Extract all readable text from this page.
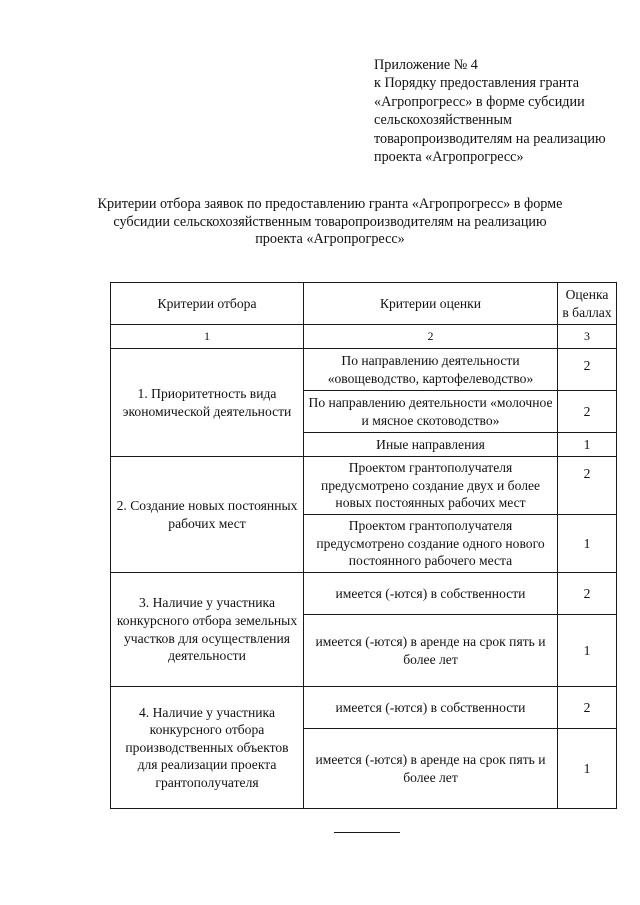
Приложение № 4
к Порядку предоставления гранта
«Агропрогресс» в форме субсидии
сельскохозяйственным
товаропроизводителям на реализацию
проекта «Агропрогресс»
Критерии отбора заявок по предоставлению гранта «Агропрогресс» в форме
субсидии сельскохозяйственным товаропроизводителям на реализацию
проекта «Агропрогресс»
Критерии отбора	Критерии оценки	Оценка в баллах
1	2	3
1. Приоритетность вида экономической деятельности	По направлению деятельности «овощеводство, картофелеводство»	2
	По направлению деятельности «молочное и мясное скотоводство»	2
	Иные направления	1
2. Создание новых постоянных рабочих мест	Проектом грантополучателя предусмотрено создание двух и более новых постоянных рабочих мест	2
	Проектом грантополучателя предусмотрено создание одного нового постоянного рабочего места	1
3. Наличие у участника конкурсного отбора земельных участков для осуществления деятельности	имеется (-ются) в собственности	2
	имеется (-ются) в аренде на срок пять и более лет	1
4. Наличие у участника конкурсного отбора производственных объектов для реализации проекта грантополучателя	имеется (-ются) в собственности	2
	имеется (-ются) в аренде на срок пять и более лет	1
